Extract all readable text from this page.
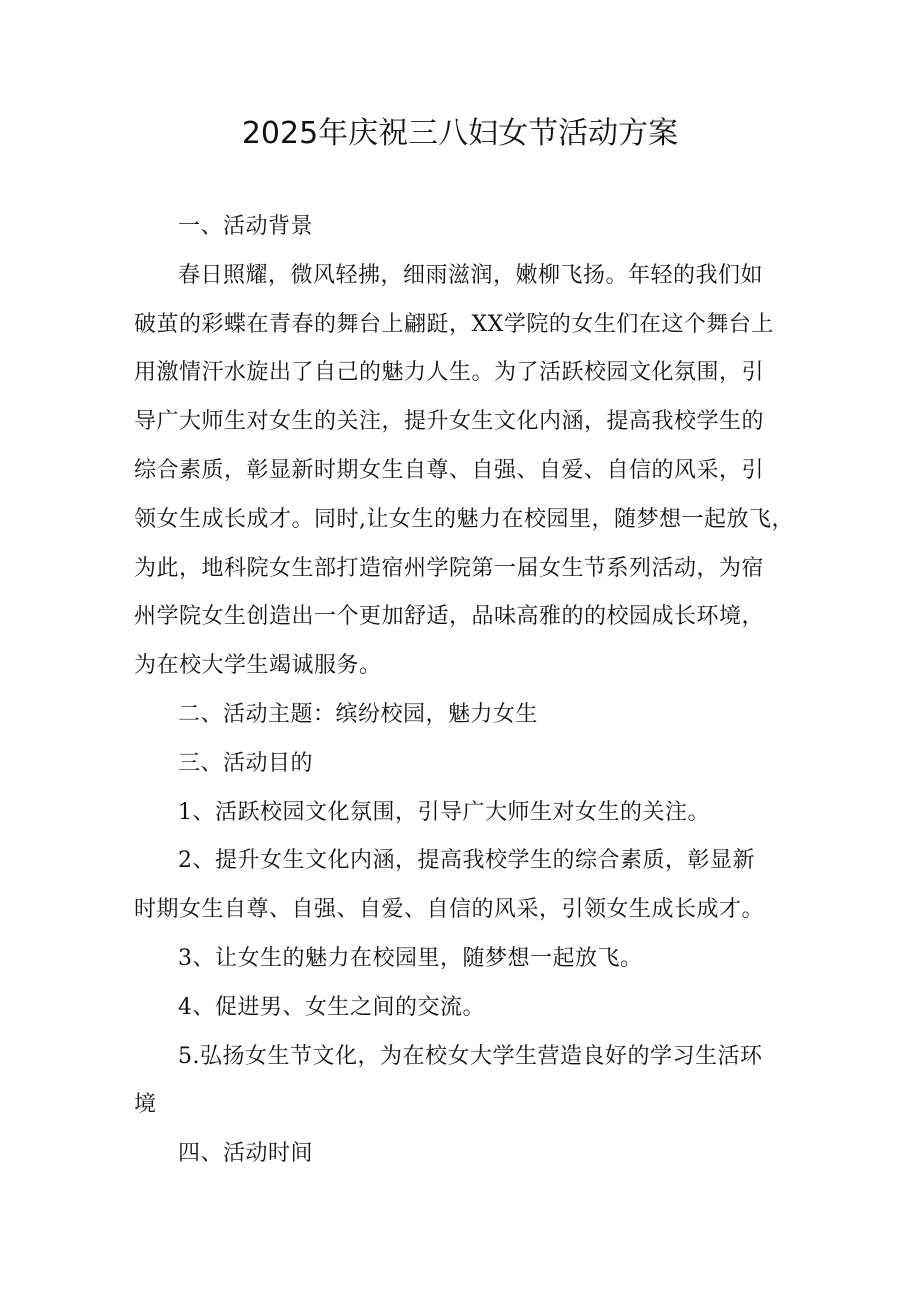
2025年庆祝三八妇女节活动方案
一、活动背景
春日照耀，微风轻拂，细雨滋润，嫩柳飞扬。年轻的我们如
破茧的彩蝶在青春的舞台上翩跹，XX学院的女生们在这个舞台上
用激情汗水旋出了自己的魅力人生。为了活跃校园文化氛围，引
导广大师生对女生的关注，提升女生文化内涵，提高我校学生的
综合素质，彰显新时期女生自尊、自强、自爱、自信的风采，引
领女生成长成才。同时,让女生的魅力在校园里，随梦想一起放飞，
为此，地科院女生部打造宿州学院第一届女生节系列活动，为宿
州学院女生创造出一个更加舒适，品味高雅的的校园成长环境，
为在校大学生竭诚服务。
二、活动主题：缤纷校园，魅力女生
三、活动目的
1、活跃校园文化氛围，引导广大师生对女生的关注。
2、提升女生文化内涵，提高我校学生的综合素质，彰显新
时期女生自尊、自强、自爱、自信的风采，引领女生成长成才。
3、让女生的魅力在校园里，随梦想一起放飞。
4、促进男、女生之间的交流。
5.弘扬女生节文化，为在校女大学生营造良好的学习生活环
境
四、活动时间
